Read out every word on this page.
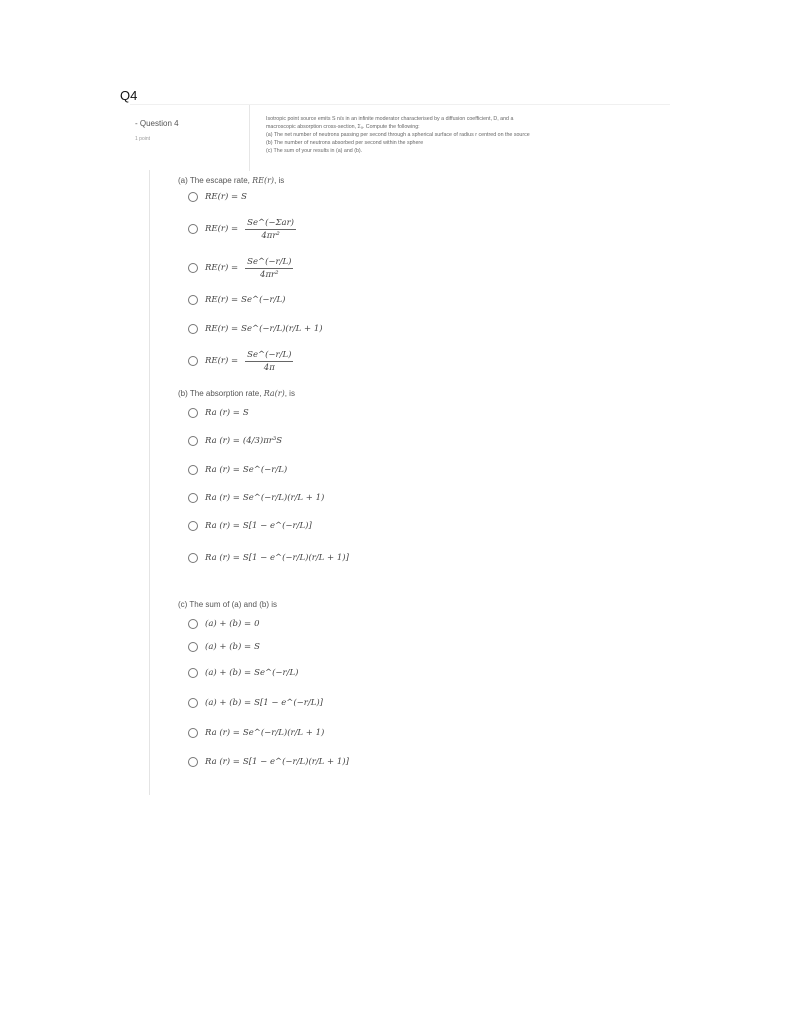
Q4
- Question 4
1 point
Isotropic point source emits S n/s in an infinite moderator characterised by a diffusion coefficient, D, and a
macroscopic absorption cross-section, Σₐ. Compute the following:
(a) The net number of neutrons passing per second through a spherical surface of radius r centred on the source
(b) The number of neutrons absorbed per second within the sphere
(c) The sum of your results in (a) and (b).
(a) The escape rate, RE(r), is
RE(r) = S
$RE(r) = \frac{\text{Se\textasciicircum{}(−Σar)}}{\text{4πr²}}$
$RE(r) = \frac{Se\^{}(-r/L)}{\text{4πr²}}$
RE(r) = Se^(−r/L)
RE(r) = Se^(−r/L)(r/L + 1)
$RE(r) = \frac{Se\^{}(-r/L)}{4\pi}$
(b) The absorption rate, Ra(r), is
Ra (r) = S
Ra (r) = (4/3)πr³S
Ra (r) = Se^(−r/L)
Ra (r) = Se^(−r/L)(r/L + 1)
Ra (r) = S[1 − e^(−r/L)]
Ra (r) = S[1 − e^(−r/L)(r/L + 1)]
(c) The sum of (a) and (b) is
(a) + (b) = 0
(a) + (b) = S
(a) + (b) = Se^(−r/L)
(a) + (b) = S[1 − e^(−r/L)]
Ra (r) = Se^(−r/L)(r/L + 1)
Ra (r) = S[1 − e^(−r/L)(r/L + 1)]
